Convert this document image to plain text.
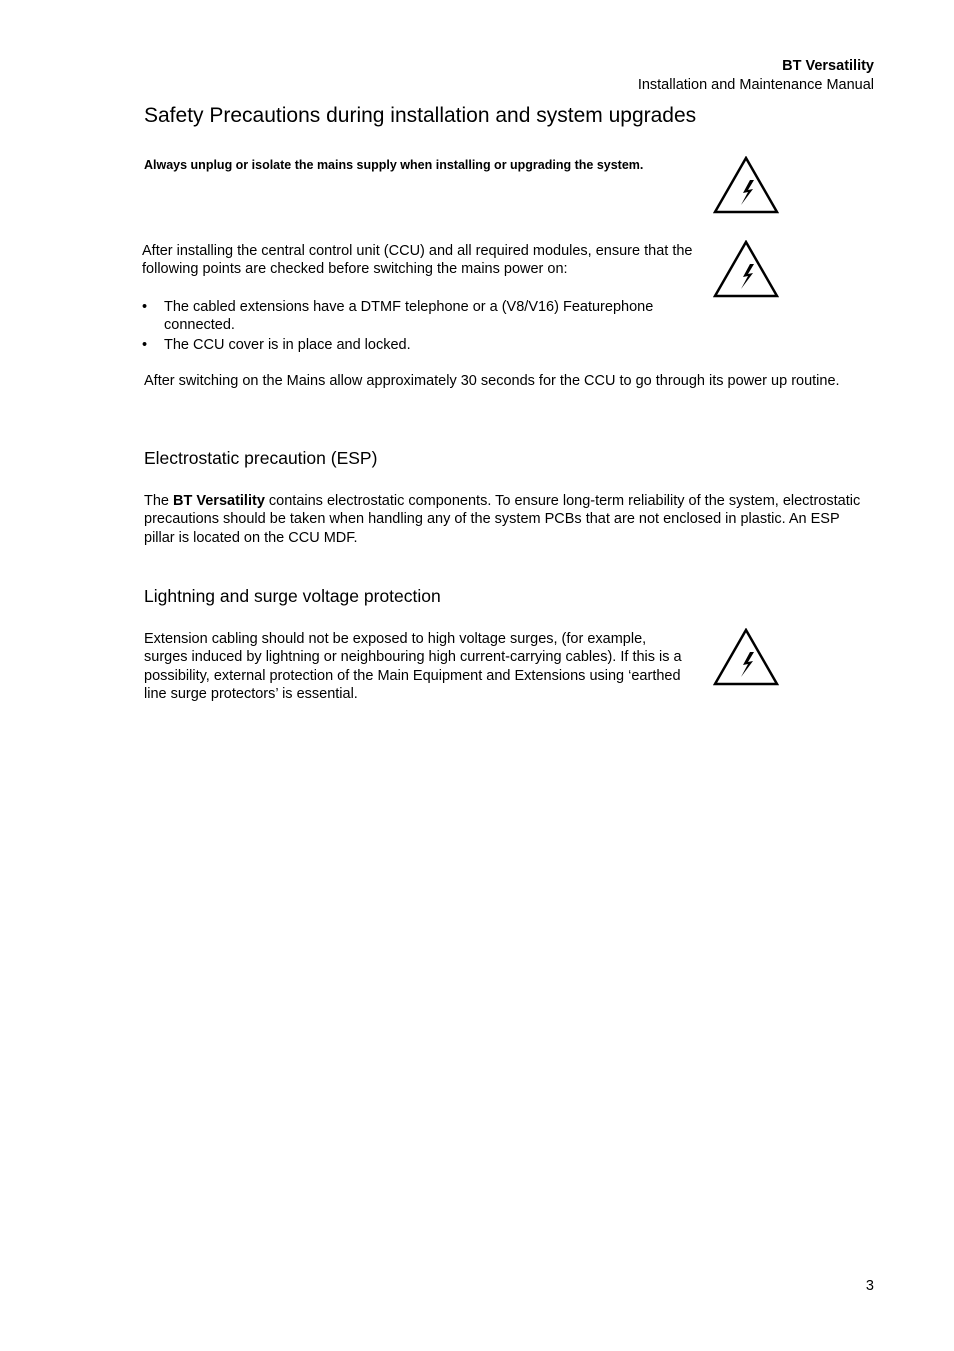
BT Versatility
Installation and Maintenance Manual
Safety Precautions during installation and system upgrades
Always unplug or isolate the mains supply when installing or upgrading the system.
After installing the central control unit (CCU) and all required modules, ensure that the following points are checked before switching the mains power on:
• The cabled extensions have a DTMF telephone or a (V8/V16) Featurephone connected.
• The CCU cover is in place and locked.
After switching on the Mains allow approximately 30 seconds for the CCU to go through its power up routine.
Electrostatic precaution (ESP)
The BT Versatility contains electrostatic components. To ensure long-term reliability of the system, electrostatic precautions should be taken when handling any of the system PCBs that are not enclosed in plastic. An ESP pillar is located on the CCU MDF.
Lightning and surge voltage protection
Extension cabling should not be exposed to high voltage surges, (for example, surges induced by lightning or neighbouring high current-carrying cables). If this is a possibility, external protection of the Main Equipment and Extensions using ‘earthed line surge protectors’ is essential.
3
